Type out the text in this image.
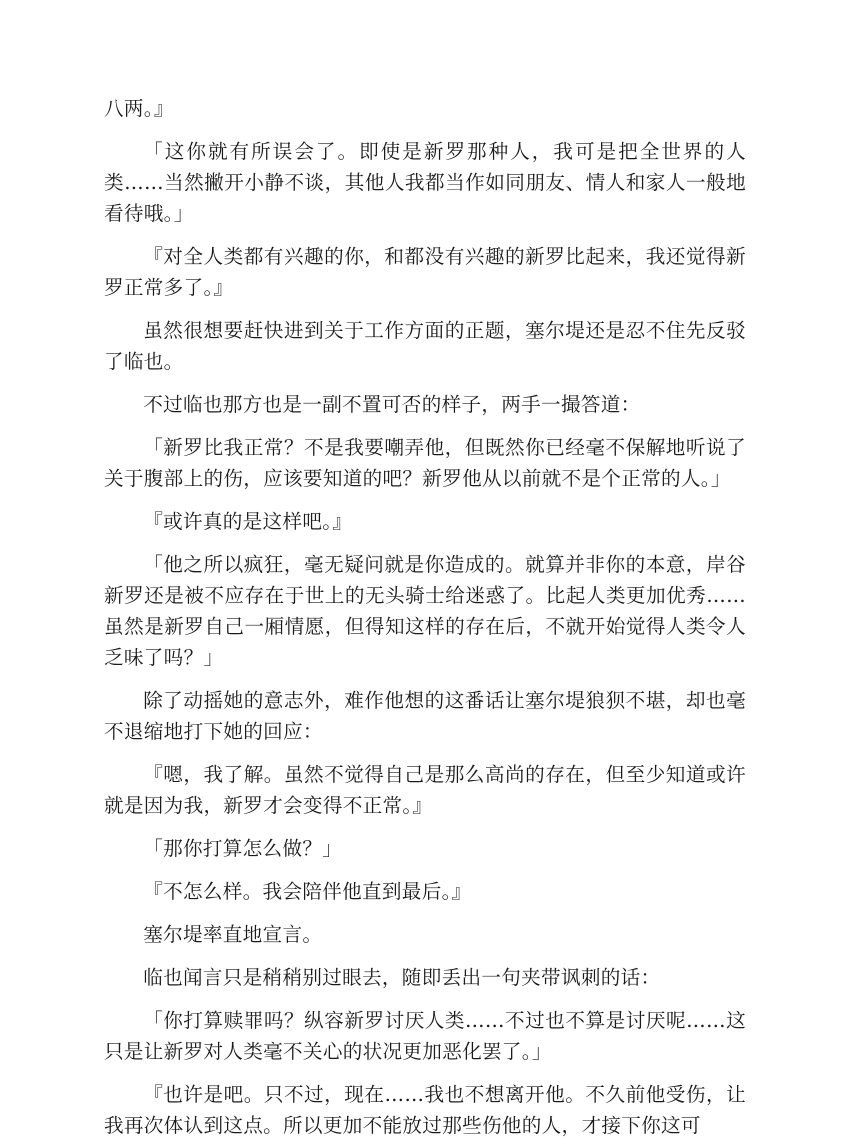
八两。』

「这你就有所误会了。即使是新罗那种人，我可是把全世界的人类……当然撇开小静不谈，其他人我都当作如同朋友、情人和家人一般地看待哦。」

『对全人类都有兴趣的你，和都没有兴趣的新罗比起来，我还觉得新罗正常多了。』

虽然很想要赶快进到关于工作方面的正题，塞尔堤还是忍不住先反驳了临也。

不过临也那方也是一副不置可否的样子，两手一撮答道：

「新罗比我正常？不是我要嘲弄他，但既然你已经毫不保解地听说了关于腹部上的伤，应该要知道的吧？新罗他从以前就不是个正常的人。」

『或许真的是这样吧。』

「他之所以疯狂，毫无疑问就是你造成的。就算并非你的本意，岸谷新罗还是被不应存在于世上的无头骑士给迷惑了。比起人类更加优秀……虽然是新罗自己一厢情愿，但得知这样的存在后，不就开始觉得人类令人乏味了吗？」

除了动摇她的意志外，难作他想的这番话让塞尔堤狼狈不堪，却也毫不退缩地打下她的回应：

『嗯，我了解。虽然不觉得自己是那么高尚的存在，但至少知道或许就是因为我，新罗才会变得不正常。』

「那你打算怎么做？」

『不怎么样。我会陪伴他直到最后。』

塞尔堤率直地宣言。

临也闻言只是稍稍别过眼去，随即丢出一句夹带讽刺的话：

「你打算赎罪吗？纵容新罗讨厌人类……不过也不算是讨厌呢……这只是让新罗对人类毫不关心的状况更加恶化罢了。」

『也许是吧。只不过，现在……我也不想离开他。不久前他受伤，让我再次体认到这点。所以更加不能放过那些伤他的人，才接下你这可
